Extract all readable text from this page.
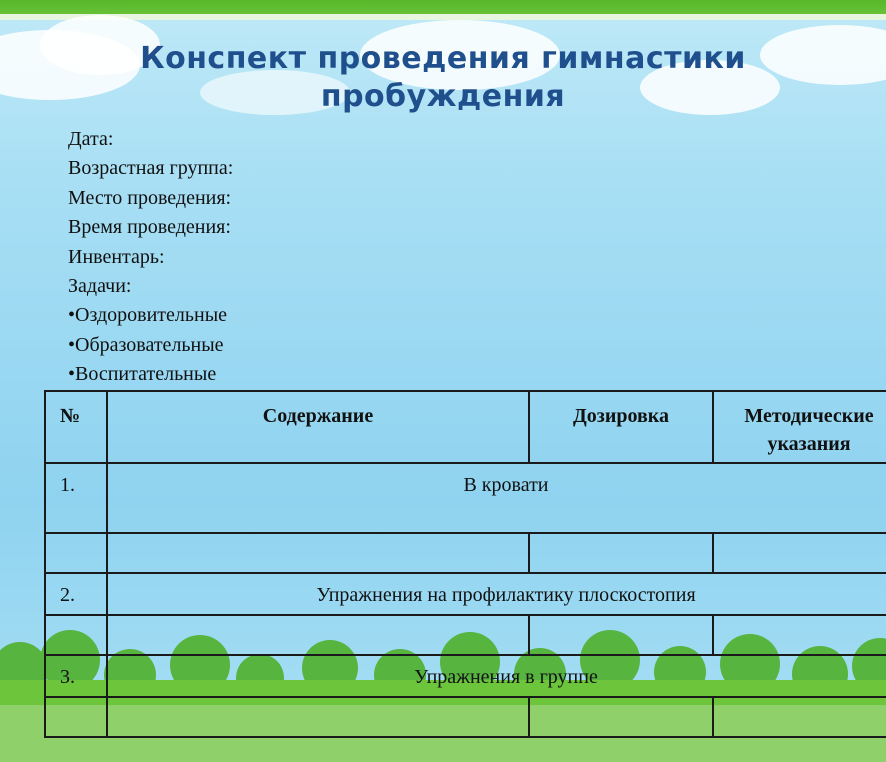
Конспект проведения гимнастики
пробуждения
Дата:
Возрастная группа:
Место проведения:
Время проведения:
Инвентарь:
Задачи:
•Оздоровительные
•Образовательные
•Воспитательные
№	Содержание	Дозировка	Методические указания
1.	В кровати		

2.	Упражнения на профилактику плоскостопия		

3.	Упражнения в группе		
